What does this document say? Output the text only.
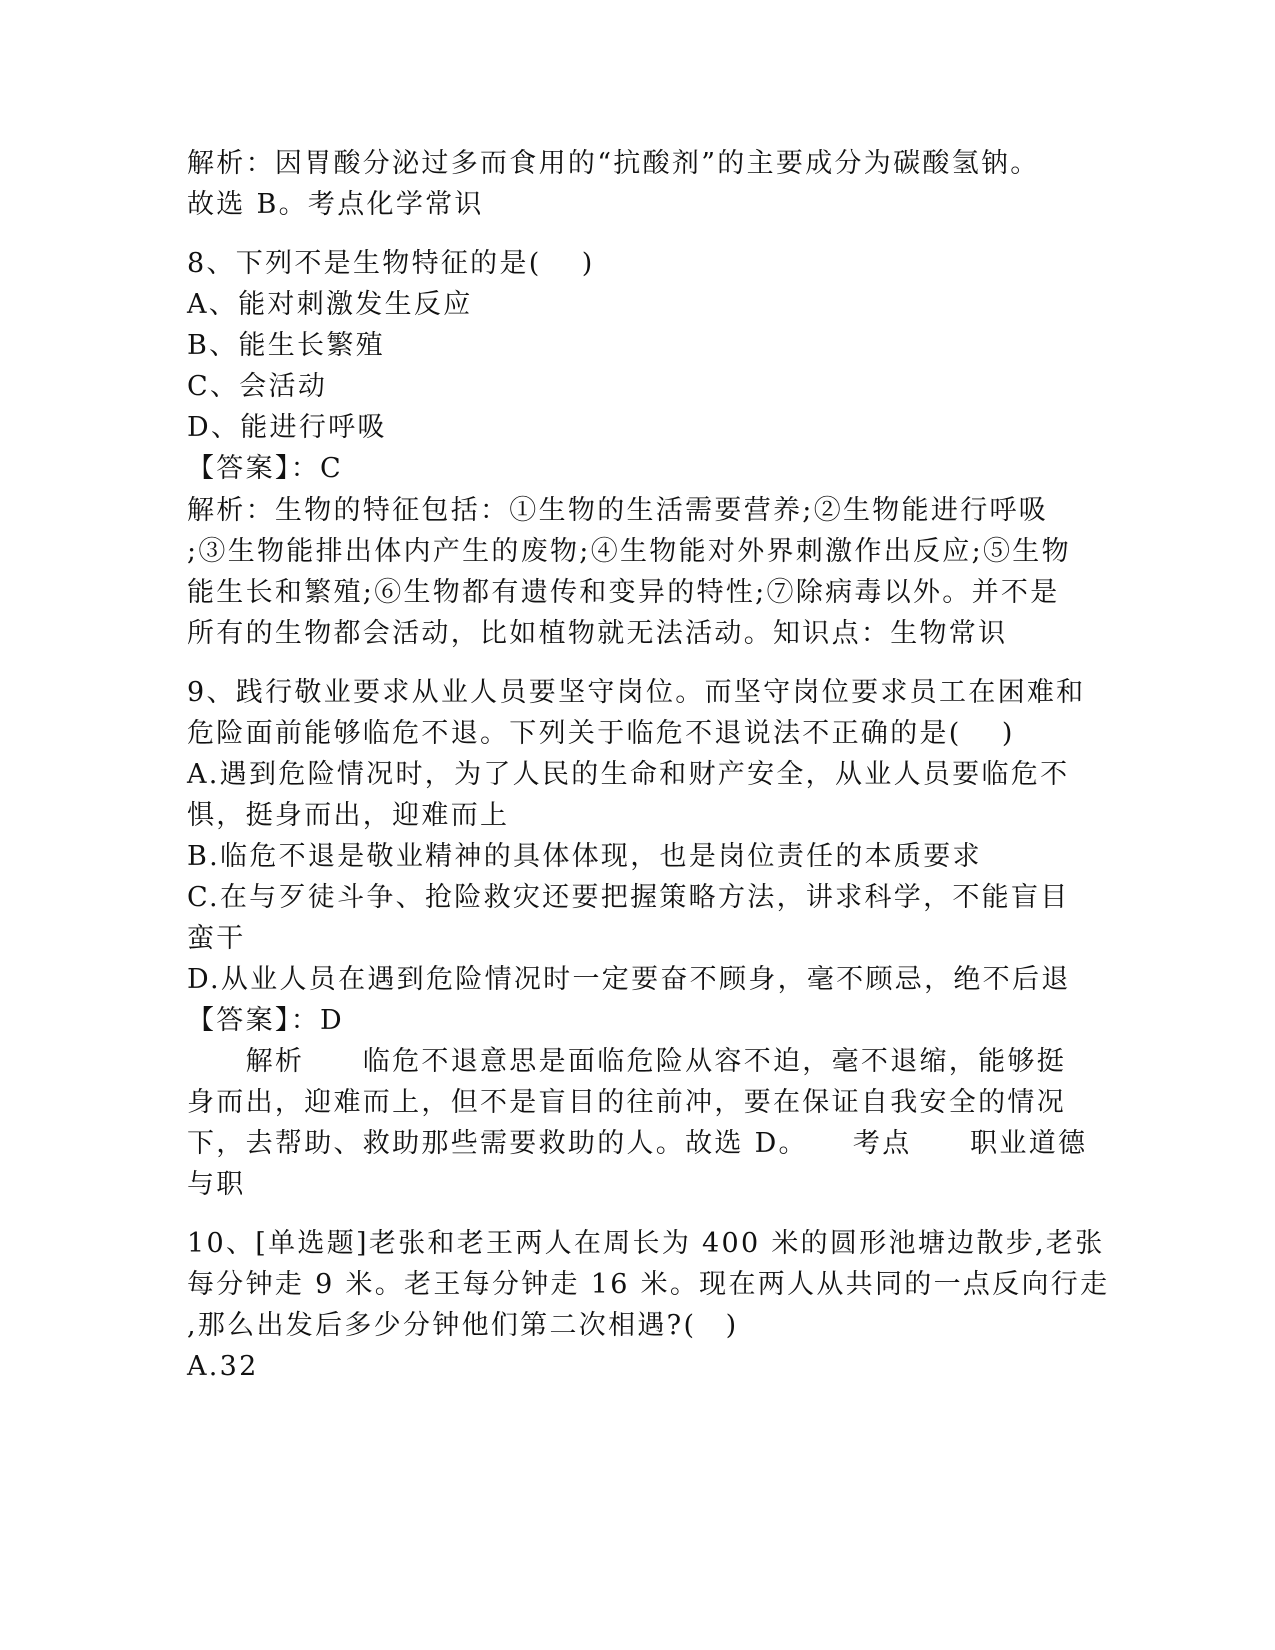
解析：因胃酸分泌过多而食用的“抗酸剂”的主要成分为碳酸氢钠。
故选 B。考点化学常识
8、下列不是生物特征的是(　 )
A、能对刺激发生反应
B、能生长繁殖
C、会活动
D、能进行呼吸
【答案】：C
解析：生物的特征包括：①生物的生活需要营养;②生物能进行呼吸
;③生物能排出体内产生的废物;④生物能对外界刺激作出反应;⑤生物
能生长和繁殖;⑥生物都有遗传和变异的特性;⑦除病毒以外。并不是
所有的生物都会活动，比如植物就无法活动。知识点：生物常识
9、践行敬业要求从业人员要坚守岗位。而坚守岗位要求员工在困难和
危险面前能够临危不退。下列关于临危不退说法不正确的是(　 )
A.遇到危险情况时，为了人民的生命和财产安全，从业人员要临危不
惧，挺身而出，迎难而上
B.临危不退是敬业精神的具体体现，也是岗位责任的本质要求
C.在与歹徒斗争、抢险救灾还要把握策略方法，讲求科学，不能盲目
蛮干
D.从业人员在遇到危险情况时一定要奋不顾身，毫不顾忌，绝不后退
【答案】：D
　　解析　　临危不退意思是面临危险从容不迫，毫不退缩，能够挺
身而出，迎难而上，但不是盲目的往前冲，要在保证自我安全的情况
下，去帮助、救助那些需要救助的人。故选 D。　　考点　　职业道德
与职
10、[单选题]老张和老王两人在周长为 400 米的圆形池塘边散步,老张
每分钟走 9 米。老王每分钟走 16 米。现在两人从共同的一点反向行走
,那么出发后多少分钟他们第二次相遇?(　)
A.32
